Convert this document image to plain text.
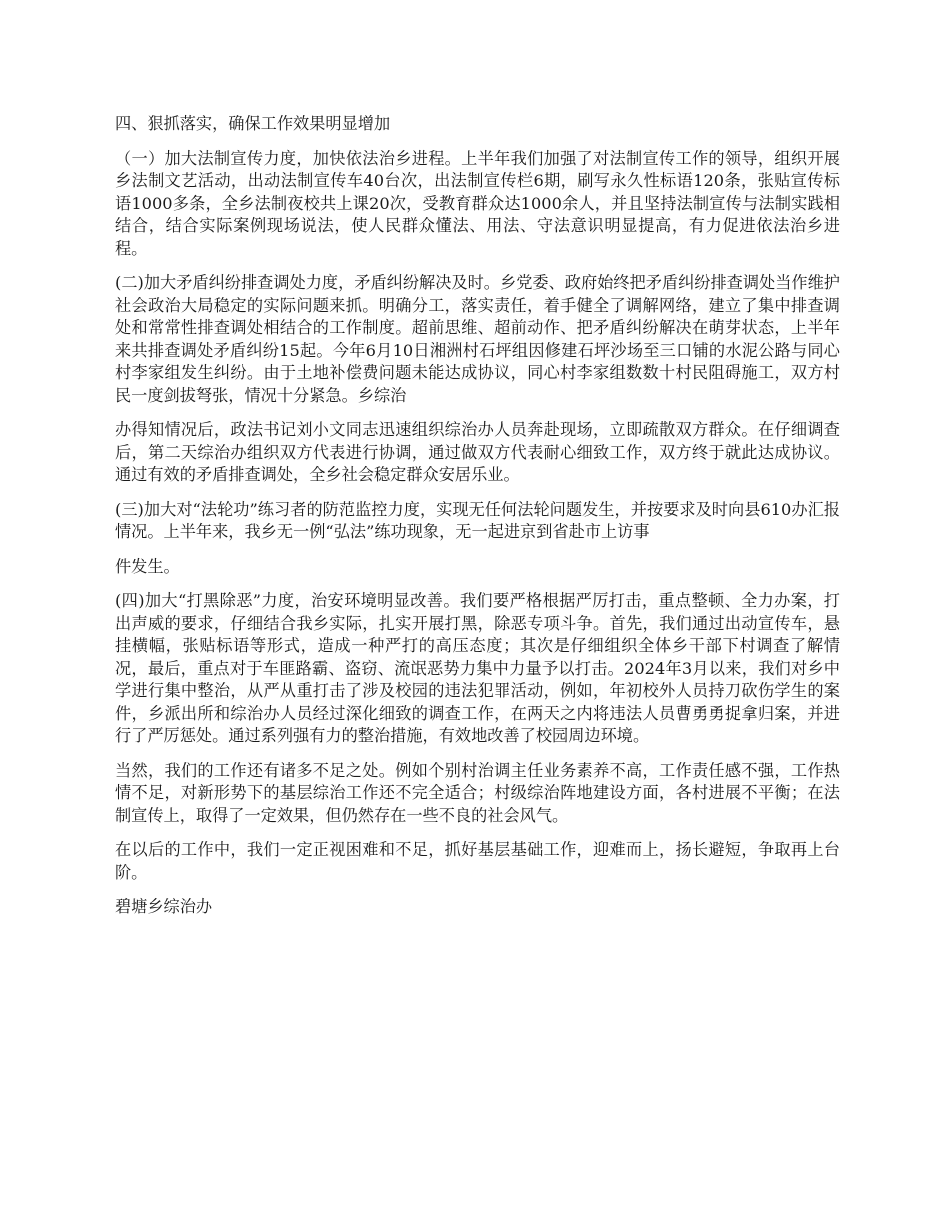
四、狠抓落实，确保工作效果明显增加

（一）加大法制宣传力度，加快依法治乡进程。上半年我们加强了对法制宣传工作的领导，组织开展乡法制文艺活动，出动法制宣传车40台次，出法制宣传栏6期，刷写永久性标语120条，张贴宣传标语1000多条，全乡法制夜校共上课20次，受教育群众达1000余人，并且坚持法制宣传与法制实践相结合，结合实际案例现场说法，使人民群众懂法、用法、守法意识明显提高，有力促进依法治乡进程。

(二)加大矛盾纠纷排查调处力度，矛盾纠纷解决及时。乡党委、政府始终把矛盾纠纷排查调处当作维护社会政治大局稳定的实际问题来抓。明确分工，落实责任，着手健全了调解网络，建立了集中排查调处和常常性排查调处相结合的工作制度。超前思维、超前动作、把矛盾纠纷解决在萌芽状态，上半年来共排查调处矛盾纠纷15起。今年6月10日湘洲村石坪组因修建石坪沙场至三口铺的水泥公路与同心村李家组发生纠纷。由于土地补偿费问题未能达成协议，同心村李家组数数十村民阻碍施工，双方村民一度剑拔弩张，情况十分紧急。乡综治

办得知情况后，政法书记刘小文同志迅速组织综治办人员奔赴现场，立即疏散双方群众。在仔细调查后，第二天综治办组织双方代表进行协调，通过做双方代表耐心细致工作，双方终于就此达成协议。通过有效的矛盾排查调处，全乡社会稳定群众安居乐业。

(三)加大对“法轮功”练习者的防范监控力度，实现无任何法轮问题发生，并按要求及时向县610办汇报情况。上半年来，我乡无一例“弘法”练功现象，无一起进京到省赴市上访事

件发生。

(四)加大“打黑除恶”力度，治安环境明显改善。我们要严格根据严厉打击，重点整顿、全力办案，打出声威的要求，仔细结合我乡实际，扎实开展打黑，除恶专项斗争。首先，我们通过出动宣传车，悬挂横幅，张贴标语等形式，造成一种严打的高压态度；其次是仔细组织全体乡干部下村调查了解情况，最后，重点对于车匪路霸、盗窃、流氓恶势力集中力量予以打击。2024年3月以来，我们对乡中学进行集中整治，从严从重打击了涉及校园的违法犯罪活动，例如，年初校外人员持刀砍伤学生的案件，乡派出所和综治办人员经过深化细致的调查工作，在两天之内将违法人员曹勇勇捉拿归案，并进行了严厉惩处。通过系列强有力的整治措施，有效地改善了校园周边环境。

当然，我们的工作还有诸多不足之处。例如个别村治调主任业务素养不高，工作责任感不强，工作热情不足，对新形势下的基层综治工作还不完全适合；村级综治阵地建设方面，各村进展不平衡；在法制宣传上，取得了一定效果，但仍然存在一些不良的社会风气。

在以后的工作中，我们一定正视困难和不足，抓好基层基础工作，迎难而上，扬长避短，争取再上台阶。

碧塘乡综治办
